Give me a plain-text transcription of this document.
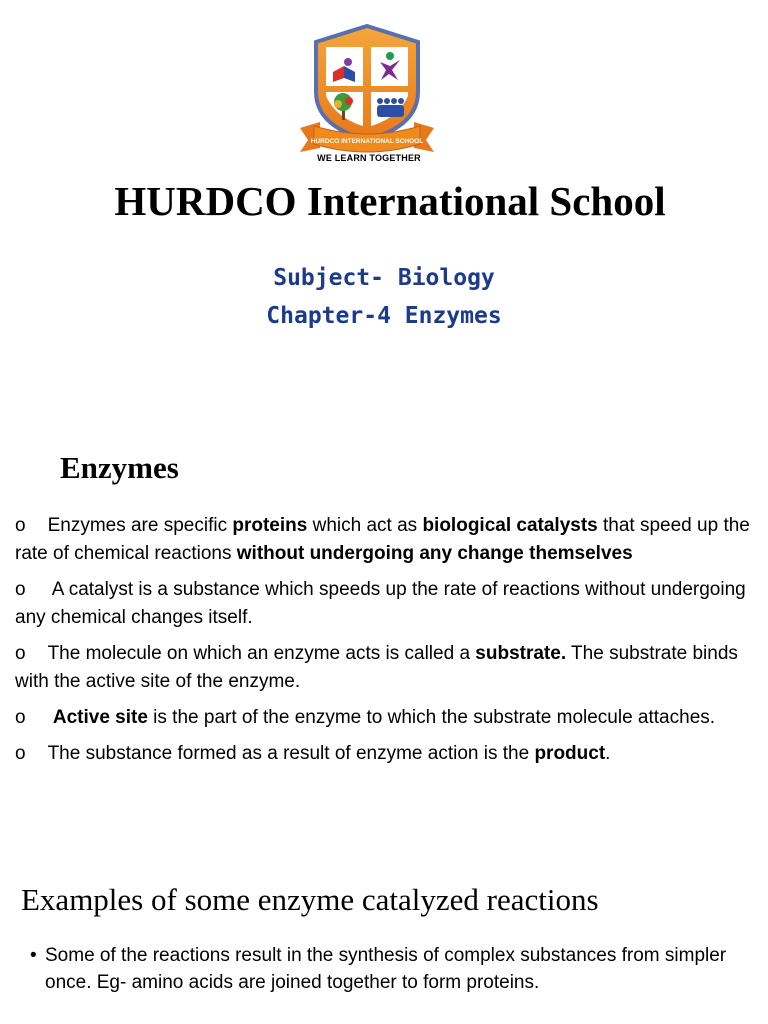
HURDCO INTERNATIONAL SCHOOL
WE LEARN TOGETHER
HURDCO International School
Subject- Biology
Chapter-4 Enzymes
Enzymes

o Enzymes are specific proteins which act as biological catalysts that speed up the rate of chemical reactions without undergoing any change themselves

o A catalyst is a substance which speeds up the rate of reactions without undergoing any chemical changes itself.

o The molecule on which an enzyme acts is called a substrate. The substrate binds with the active site of the enzyme.

o Active site is the part of the enzyme to which the substrate molecule attaches.

o The substance formed as a result of enzyme action is the product.

Examples of some enzyme catalyzed reactions

• Some of the reactions result in the synthesis of complex substances from simpler once. Eg- amino acids are joined together to form proteins.
